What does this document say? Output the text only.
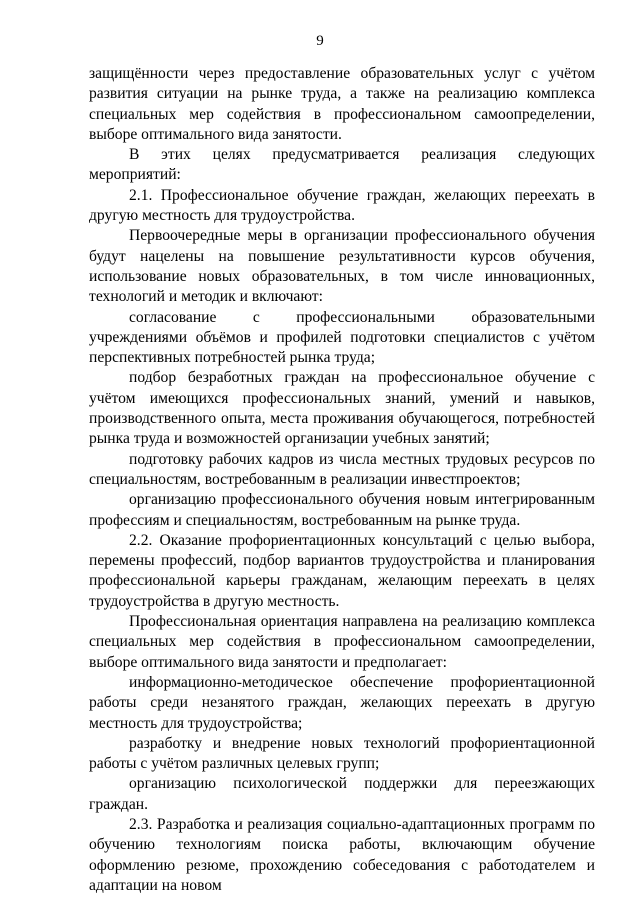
9

защищённости через предоставление образовательных услуг с учётом развития ситуации на рынке труда, а также на реализацию комплекса специальных мер содействия в профессиональном самоопределении, выборе оптимального вида занятости.

В этих целях предусматривается реализация следующих мероприятий:

2.1. Профессиональное обучение граждан, желающих переехать в другую местность для трудоустройства.

Первоочередные меры в организации профессионального обучения будут нацелены на повышение результативности курсов обучения, использование новых образовательных, в том числе инновационных, технологий и методик и включают:

согласование с профессиональными образовательными учреждениями объёмов и профилей подготовки специалистов с учётом перспективных потребностей рынка труда;

подбор безработных граждан на профессиональное обучение с учётом имеющихся профессиональных знаний, умений и навыков, производственного опыта, места проживания обучающегося, потребностей рынка труда и возможностей организации учебных занятий;

подготовку рабочих кадров из числа местных трудовых ресурсов по специальностям, востребованным в реализации инвестпроектов;

организацию профессионального обучения новым интегрированным профессиям и специальностям, востребованным на рынке труда.

2.2. Оказание профориентационных консультаций с целью выбора, перемены профессий, подбор вариантов трудоустройства и планирования профессиональной карьеры гражданам, желающим переехать в целях трудоустройства в другую местность.

Профессиональная ориентация направлена на реализацию комплекса специальных мер содействия в профессиональном самоопределении, выборе оптимального вида занятости и предполагает:

информационно-методическое обеспечение профориентационной работы среди незанятого граждан, желающих переехать в другую местность для трудоустройства;

разработку и внедрение новых технологий профориентационной работы с учётом различных целевых групп;

организацию психологической поддержки для переезжающих граждан.

2.3. Разработка и реализация социально-адаптационных программ по обучению технологиям поиска работы, включающим обучение оформлению резюме, прохождению собеседования с работодателем и адаптации на новом
